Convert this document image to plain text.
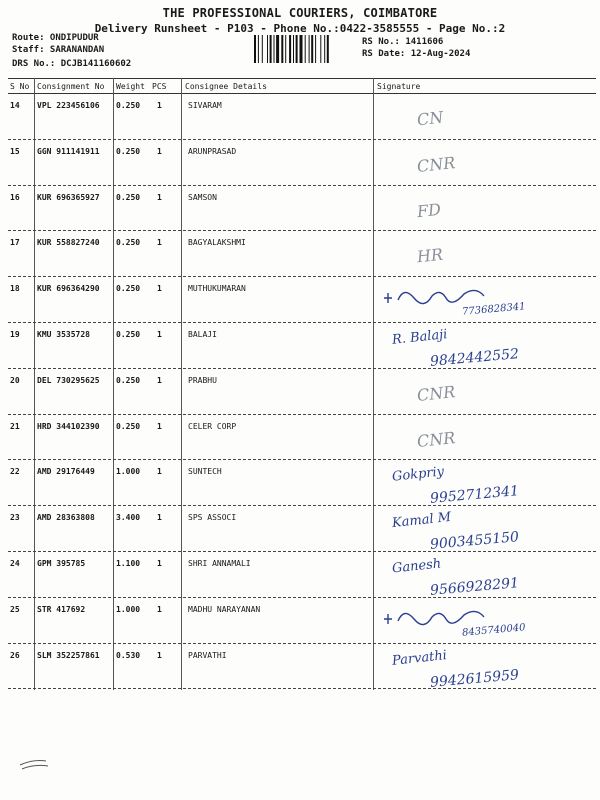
THE PROFESSIONAL COURIERS, COIMBATORE
Delivery Runsheet - P103 - Phone No.:0422-3585555 - Page No.:2
Route: ONDIPUDUR
Staff: SARANANDAN
DRS No.: DCJB141160602
RS No.: 1411606
RS Date: 12-Aug-2024
S No Consignment No Weight PCS Consignee Details	Signature
14 VPL 223456106 0.250 1	SIVARAM
CN
15 GGN 911141911 0.250 1	ARUNPRASAD
CNR
16 KUR 696365927 0.250 1	SAMSON
FD
17 KUR 558827240 0.250 1	BAGYALAKSHMI
HR
18 KUR 696364290 0.250 1	MUTHUKUMARAN
7736828341
19 KMU 3535728	0.250 1	BALAJI	R. Balaji
9842442552
20 DEL 730295625 0.250 1	PRABHU
CNR
21 HRD 344102390 0.250 1	CELER CORP
CNR
22 AMD 29176449	1.000 1	SUNTECH	Gokpriy
9952712341
23 AMD 28363808	3.400 1	SPS ASSOCI	Kamal M
9003455150
24 GPM 395785	1.100 1	SHRI ANNAMALI	Ganesh
9566928291
25 STR 417692	1.000 1	MADHU NARAYANAN
8435740040
26 SLM 352257861 0.530 1	PARVATHI	Parvathi
9942615959
